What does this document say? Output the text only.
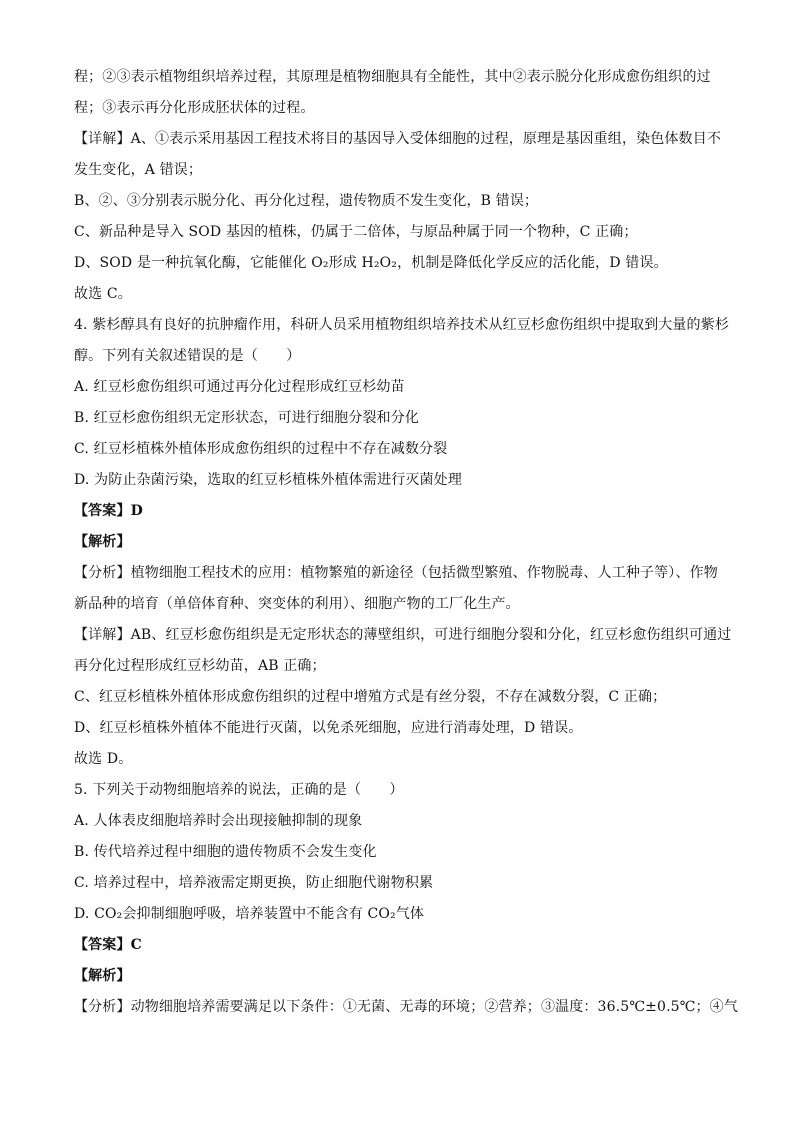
程；②③表示植物组织培养过程，其原理是植物细胞具有全能性，其中②表示脱分化形成愈伤组织的过
程；③表示再分化形成胚状体的过程。
【详解】A、①表示采用基因工程技术将目的基因导入受体细胞的过程，原理是基因重组，染色体数目不
发生变化，A 错误；
B、②、③分别表示脱分化、再分化过程，遗传物质不发生变化，B 错误；
C、新品种是导入 SOD 基因的植株，仍属于二倍体，与原品种属于同一个物种，C 正确；
D、SOD 是一种抗氧化酶，它能催化 O₂形成 H₂O₂，机制是降低化学反应的活化能，D 错误。
故选 C。
4. 紫杉醇具有良好的抗肿瘤作用，科研人员采用植物组织培养技术从红豆杉愈伤组织中提取到大量的紫杉
醇。下列有关叙述错误的是（　　）
A. 红豆杉愈伤组织可通过再分化过程形成红豆杉幼苗
B. 红豆杉愈伤组织无定形状态，可进行细胞分裂和分化
C. 红豆杉植株外植体形成愈伤组织的过程中不存在减数分裂
D. 为防止杂菌污染，选取的红豆杉植株外植体需进行灭菌处理
【答案】D
【解析】
【分析】植物细胞工程技术的应用：植物繁殖的新途径（包括微型繁殖、作物脱毒、人工种子等）、作物
新品种的培育（单倍体育种、突变体的利用）、细胞产物的工厂化生产。
【详解】AB、红豆杉愈伤组织是无定形状态的薄壁组织，可进行细胞分裂和分化，红豆杉愈伤组织可通过
再分化过程形成红豆杉幼苗，AB 正确；
C、红豆杉植株外植体形成愈伤组织的过程中增殖方式是有丝分裂，不存在减数分裂，C 正确；
D、红豆杉植株外植体不能进行灭菌，以免杀死细胞，应进行消毒处理，D 错误。
故选 D。
5. 下列关于动物细胞培养的说法，正确的是（　　）
A. 人体表皮细胞培养时会出现接触抑制的现象
B. 传代培养过程中细胞的遗传物质不会发生变化
C. 培养过程中，培养液需定期更换，防止细胞代谢物积累
D. CO₂会抑制细胞呼吸，培养装置中不能含有 CO₂气体
【答案】C
【解析】
【分析】动物细胞培养需要满足以下条件：①无菌、无毒的环境；②营养；③温度：36.5℃±0.5℃；④气
